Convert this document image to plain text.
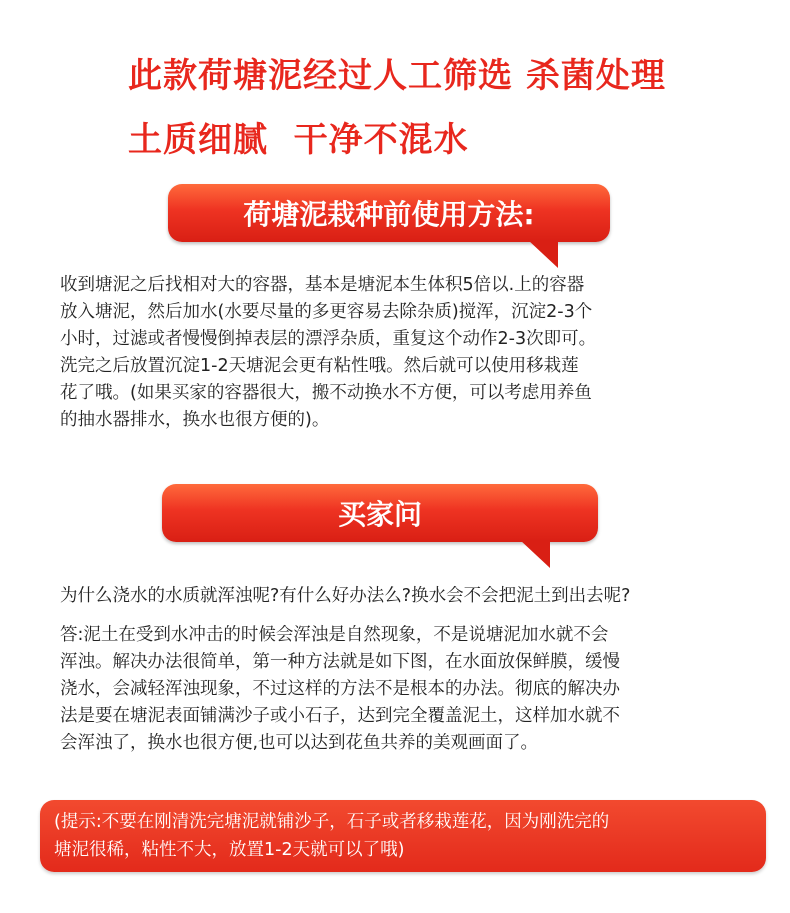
此款荷塘泥经过人工筛选 杀菌处理
土质细腻  干净不混水
荷塘泥栽种前使用方法:

收到塘泥之后找相对大的容器，基本是塘泥本生体积5倍以.上的容器
放入塘泥，然后加水(水要尽量的多更容易去除杂质)搅浑，沉淀2-3个
小时，过滤或者慢慢倒掉表层的漂浮杂质，重复这个动作2-3次即可。
洗完之后放置沉淀1-2天塘泥会更有粘性哦。然后就可以使用移栽莲
花了哦。(如果买家的容器很大，搬不动换水不方便，可以考虑用养鱼
的抽水器排水，换水也很方便的)。

买家问

为什么浇水的水质就浑浊呢?有什么好办法么?换水会不会把泥土到出去呢?

答:泥土在受到水冲击的时候会浑浊是自然现象，不是说塘泥加水就不会
浑浊。解决办法很简单，第一种方法就是如下图，在水面放保鲜膜，缓慢
浇水，会减轻浑浊现象，不过这样的方法不是根本的办法。彻底的解决办
法是要在塘泥表面铺满沙子或小石子，达到完全覆盖泥土，这样加水就不
会浑浊了，换水也很方便,也可以达到花鱼共养的美观画面了。

(提示:不要在刚清洗完塘泥就铺沙子，石子或者移栽莲花，因为刚洗完的
塘泥很稀，粘性不大，放置1-2天就可以了哦)
